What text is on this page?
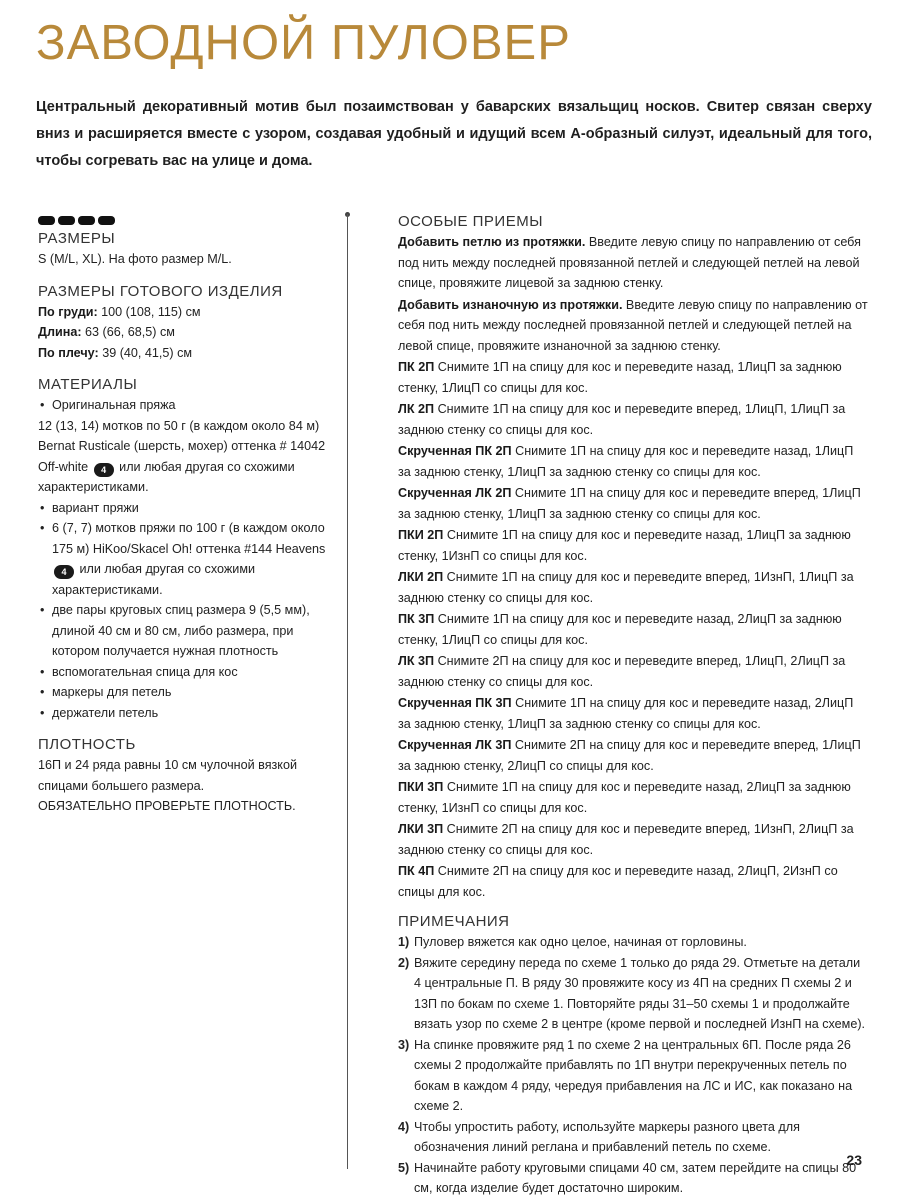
ЗАВОДНОЙ ПУЛОВЕР

Центральный декоративный мотив был позаимствован у баварских вязальщиц носков. Свитер связан сверху вниз и расширяется вместе с узором, создавая удобный и идущий всем А-образный силуэт, идеальный для того, чтобы согревать вас на улице и дома.

РАЗМЕРЫ

S (M/L, XL). На фото размер M/L.

РАЗМЕРЫ ГОТОВОГО ИЗДЕЛИЯ

По груди: 100 (108, 115) см

Длина: 63 (66, 68,5) см

По плечу: 39 (40, 41,5) см

МАТЕРИАЛЫ

• Оригинальная пряжа
12 (13, 14) мотков по 50 г (в каждом около 84 м) Bernat Rusticale (шерсть, мохер) оттенка # 14042 Off-white 4 или любая другая со схожими характеристиками.
• вариант пряжи
• 6 (7, 7) мотков пряжи по 100 г (в каждом около 175 м) HiKoo/Skacel Oh! оттенка #144 Heavens 4 или любая другая со схожими характеристиками.
• две пары круговых спиц размера 9 (5,5 мм), длиной 40 см и 80 см, либо размера, при котором получается нужная плотность
• вспомогательная спица для кос
• маркеры для петель
• держатели петель

ПЛОТНОСТЬ

16П и 24 ряда равны 10 см чулочной вязкой спицами большего размера.

ОБЯЗАТЕЛЬНО ПРОВЕРЬТЕ ПЛОТНОСТЬ.

ОСОБЫЕ ПРИЕМЫ

Добавить петлю из протяжки. Введите левую спицу по направлению от себя под нить между последней провязанной петлей и следующей петлей на левой спице, провяжите лицевой за заднюю стенку.

Добавить изнаночную из протяжки. Введите левую спицу по направлению от себя под нить между последней провязанной петлей и следующей петлей на левой спице, провяжите изнаночной за заднюю стенку.

ПК 2П Снимите 1П на спицу для кос и переведите назад, 1ЛицП за заднюю стенку, 1ЛицП со спицы для кос.

ЛК 2П Снимите 1П на спицу для кос и переведите вперед, 1ЛицП, 1ЛицП за заднюю стенку со спицы для кос.

Скрученная ПК 2П Снимите 1П на спицу для кос и переведите назад, 1ЛицП за заднюю стенку, 1ЛицП за заднюю стенку со спицы для кос.

Скрученная ЛК 2П Снимите 1П на спицу для кос и переведите вперед, 1ЛицП за заднюю стенку, 1ЛицП за заднюю стенку со спицы для кос.

ПКИ 2П Снимите 1П на спицу для кос и переведите назад, 1ЛицП за заднюю стенку, 1ИзнП со спицы для кос.

ЛКИ 2П Снимите 1П на спицу для кос и переведите вперед, 1ИзнП, 1ЛицП за заднюю стенку со спицы для кос.

ПК 3П Снимите 1П на спицу для кос и переведите назад, 2ЛицП за заднюю стенку, 1ЛицП со спицы для кос.

ЛК 3П Снимите 2П на спицу для кос и переведите вперед, 1ЛицП, 2ЛицП за заднюю стенку со спицы для кос.

Скрученная ПК 3П Снимите 1П на спицу для кос и переведите назад, 2ЛицП за заднюю стенку, 1ЛицП за заднюю стенку со спицы для кос.

Скрученная ЛК 3П Снимите 2П на спицу для кос и переведите вперед, 1ЛицП за заднюю стенку, 2ЛицП со спицы для кос.

ПКИ 3П Снимите 1П на спицу для кос и переведите назад, 2ЛицП за заднюю стенку, 1ИзнП со спицы для кос.

ЛКИ 3П Снимите 2П на спицу для кос и переведите вперед, 1ИзнП, 2ЛицП за заднюю стенку со спицы для кос.

ПК 4П Снимите 2П на спицу для кос и переведите назад, 2ЛицП, 2ИзнП со спицы для кос.

ПРИМЕЧАНИЯ

1) Пуловер вяжется как одно целое, начиная от горловины.
2) Вяжите середину переда по схеме 1 только до ряда 29. Отметьте на детали 4 центральные П. В ряду 30 провяжите косу из 4П на средних П схемы 2 и 13П по бокам по схеме 1. Повторяйте ряды 31–50 схемы 1 и продолжайте вязать узор по схеме 2 в центре (кроме первой и последней ИзнП на схеме).
3) На спинке провяжите ряд 1 по схеме 2 на центральных 6П. После ряда 26 схемы 2 продолжайте прибавлять по 1П внутри перекрученных петель по бокам в каждом 4 ряду, чередуя прибавления на ЛС и ИС, как показано на схеме 2.
4) Чтобы упростить работу, используйте маркеры разного цвета для обозначения линий реглана и прибавлений петель по схеме.
5) Начинайте работу круговыми спицами 40 см, затем перейдите на спицы 80 см, когда изделие будет достаточно широким.
23
